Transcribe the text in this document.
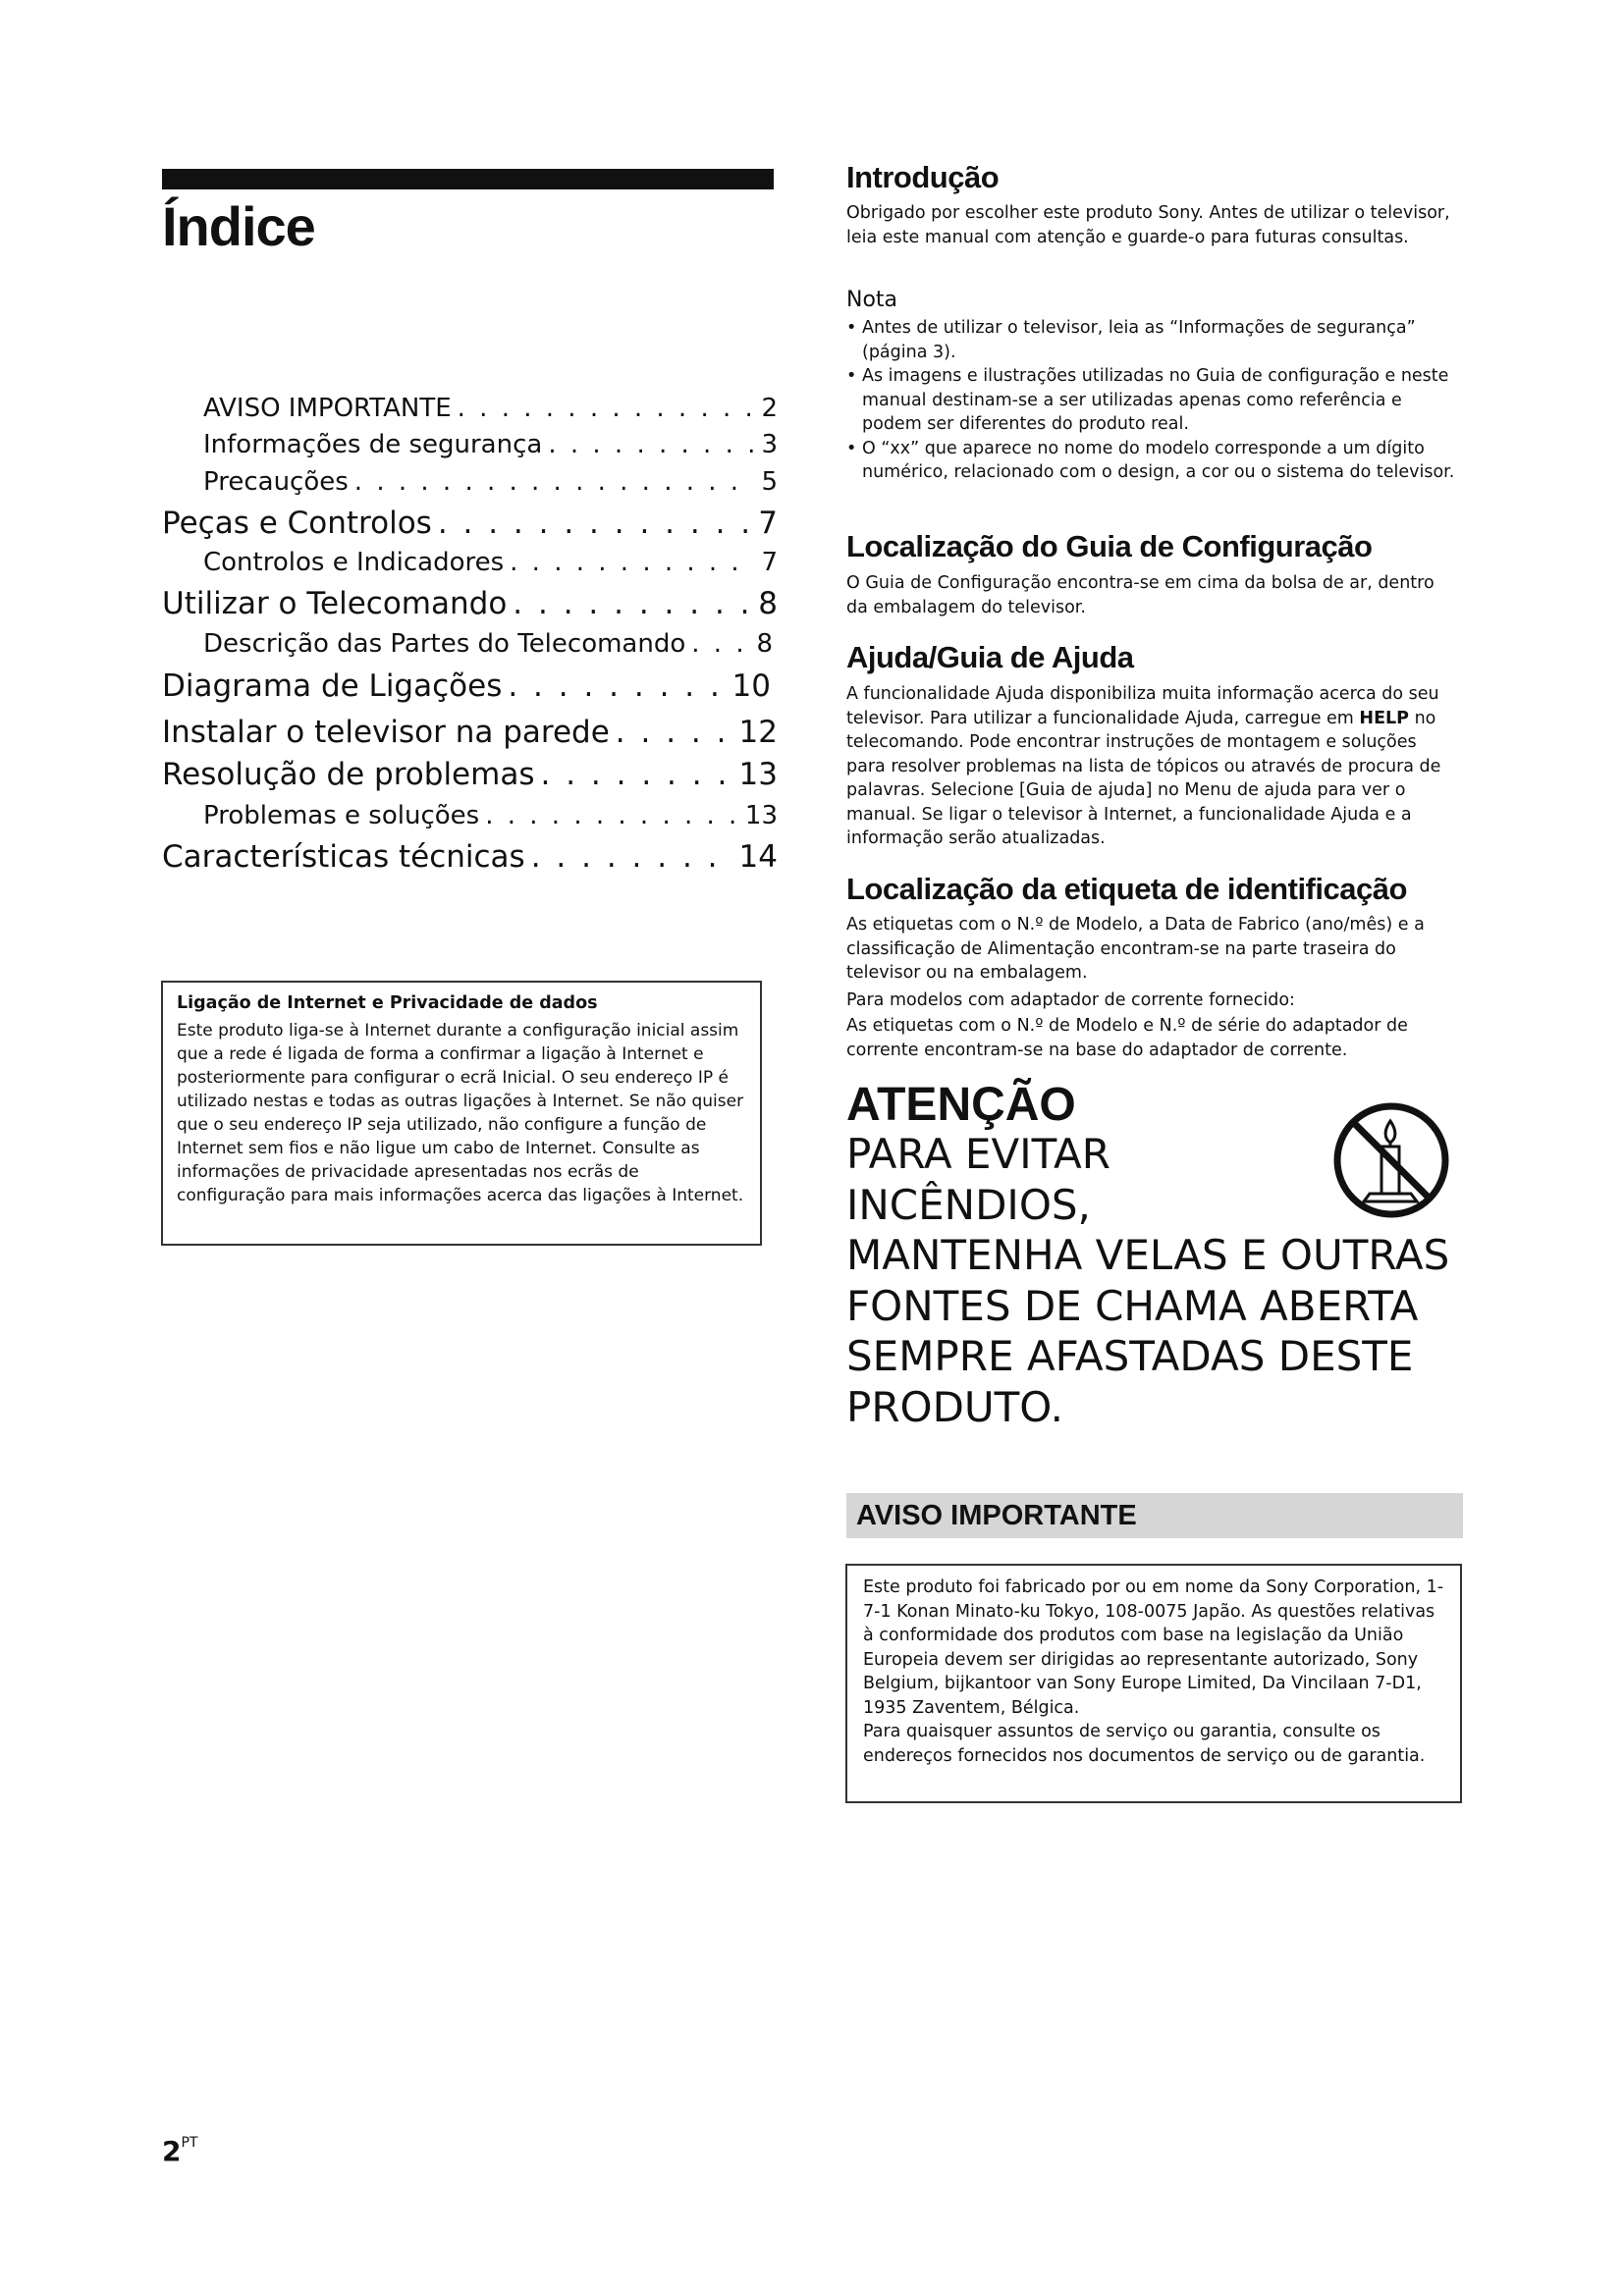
Índice
AVISO IMPORTANTE . . .	2
Informações de segurança . . .	3
Precauções . . .	5
Peças e Controlos . . .	7
Controlos e Indicadores . . .	7
Utilizar o Telecomando . . .	8
Descrição das Partes do Telecomando . . .	8
Diagrama de Ligações . . .	10
Instalar o televisor na parede . . .	12
Resolução de problemas . . .	13
Problemas e soluções . . .	13
Características técnicas . . .	14
Ligação de Internet e Privacidade de dados

Este produto liga-se à Internet durante a configuração inicial assim que a rede é ligada de forma a confirmar a ligação à Internet e posteriormente para configurar o ecrã Inicial. O seu endereço IP é utilizado nestas e todas as outras ligações à Internet. Se não quiser que o seu endereço IP seja utilizado, não configure a função de Internet sem fios e não ligue um cabo de Internet. Consulte as informações de privacidade apresentadas nos ecrãs de configuração para mais informações acerca das ligações à Internet.

$2^{PT}$
Introdução

Obrigado por escolher este produto Sony. Antes de utilizar o televisor, leia este manual com atenção e guarde-o para futuras consultas.

Nota

• Antes de utilizar o televisor, leia as “Informações de segurança” (página 3).
• As imagens e ilustrações utilizadas no Guia de configuração e neste manual destinam-se a ser utilizadas apenas como referência e podem ser diferentes do produto real.
• O “xx” que aparece no nome do modelo corresponde a um dígito numérico, relacionado com o design, a cor ou o sistema do televisor.
Localização do Guia de Configuração

O Guia de Configuração encontra-se em cima da bolsa de ar, dentro da embalagem do televisor.

Ajuda/Guia de Ajuda

A funcionalidade Ajuda disponibiliza muita informação acerca do seu televisor. Para utilizar a funcionalidade Ajuda, carregue em HELP no telecomando. Pode encontrar instruções de montagem e soluções para resolver problemas na lista de tópicos ou através de procura de palavras. Selecione [Guia de ajuda] no Menu de ajuda para ver o manual. Se ligar o televisor à Internet, a funcionalidade Ajuda e a informação serão atualizadas.

Localização da etiqueta de identificação

As etiquetas com o N.º de Modelo, a Data de Fabrico (ano/mês) e a classificação de Alimentação encontram-se na parte traseira do televisor ou na embalagem.

Para modelos com adaptador de corrente fornecido:

As etiquetas com o N.º de Modelo e N.º de série do adaptador de corrente encontram-se na base do adaptador de corrente.

ATENÇÃO

PARA EVITAR
INCÊNDIOS,
MANTENHA VELAS E OUTRAS
FONTES DE CHAMA ABERTA
SEMPRE AFASTADAS DESTE
PRODUTO.

AVISO IMPORTANTE

Este produto foi fabricado por ou em nome da Sony Corporation, 1-7-1 Konan Minato-ku Tokyo, 108-0075 Japão. As questões relativas à conformidade dos produtos com base na legislação da União Europeia devem ser dirigidas ao representante autorizado, Sony Belgium, bijkantoor van Sony Europe Limited, Da Vincilaan 7-D1, 1935 Zaventem, Bélgica.

Para quaisquer assuntos de serviço ou garantia, consulte os endereços fornecidos nos documentos de serviço ou de garantia.
